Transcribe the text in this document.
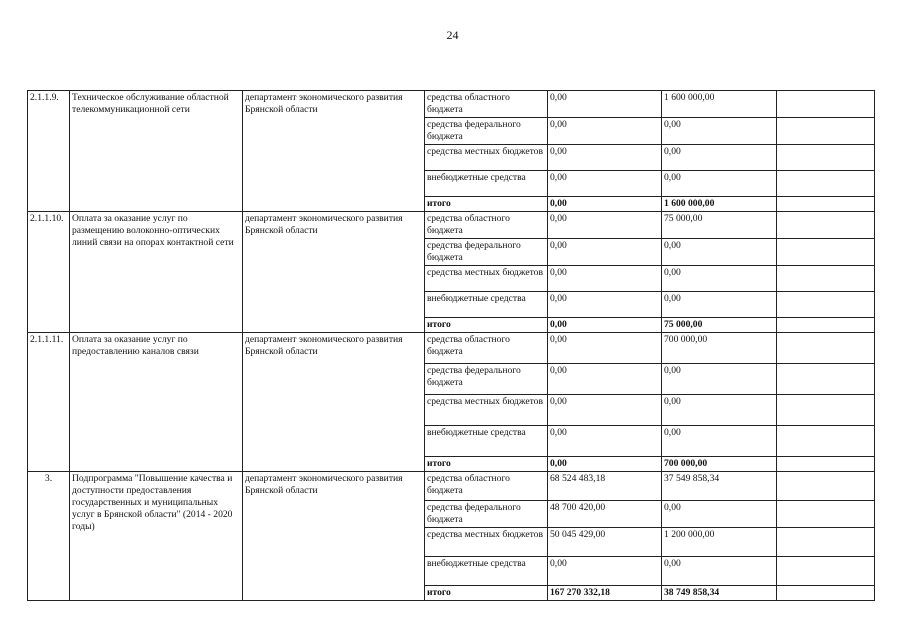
24
2.1.1.9.	Техническое обслуживание областной телекоммуникационной сети	департамент экономического развития Брянской области	средства областного бюджета	0,00	1 600 000,00	
			средства федерального бюджета	0,00	0,00	
			средства местных бюджетов	0,00	0,00	
			внебюджетные средства	0,00	0,00	
			итого	0,00	1 600 000,00	
2.1.1.10.	Оплата за оказание услуг по размещению волоконно-оптических линий связи на опорах контактной сети	департамент экономического развития Брянской области	средства областного бюджета	0,00	75 000,00	
			средства федерального бюджета	0,00	0,00	
			средства местных бюджетов	0,00	0,00	
			внебюджетные средства	0,00	0,00	
			итого	0,00	75 000,00	
2.1.1.11.	Оплата за оказание услуг по предоставлению каналов связи	департамент экономического развития Брянской области	средства областного бюджета	0,00	700 000,00	
			средства федерального бюджета	0,00	0,00	
			средства местных бюджетов	0,00	0,00	
			внебюджетные средства	0,00	0,00	
			итого	0,00	700 000,00	
3.	Подпрограмма "Повышение качества и доступности предоставления государственных и муниципальных услуг в Брянской области" (2014 - 2020 годы)	департамент экономического развития Брянской области	средства областного бюджета	68 524 483,18	37 549 858,34	
			средства федерального бюджета	48 700 420,00	0,00	
			средства местных бюджетов	50 045 429,00	1 200 000,00	
			внебюджетные средства	0,00	0,00	
			итого	167 270 332,18	38 749 858,34	
